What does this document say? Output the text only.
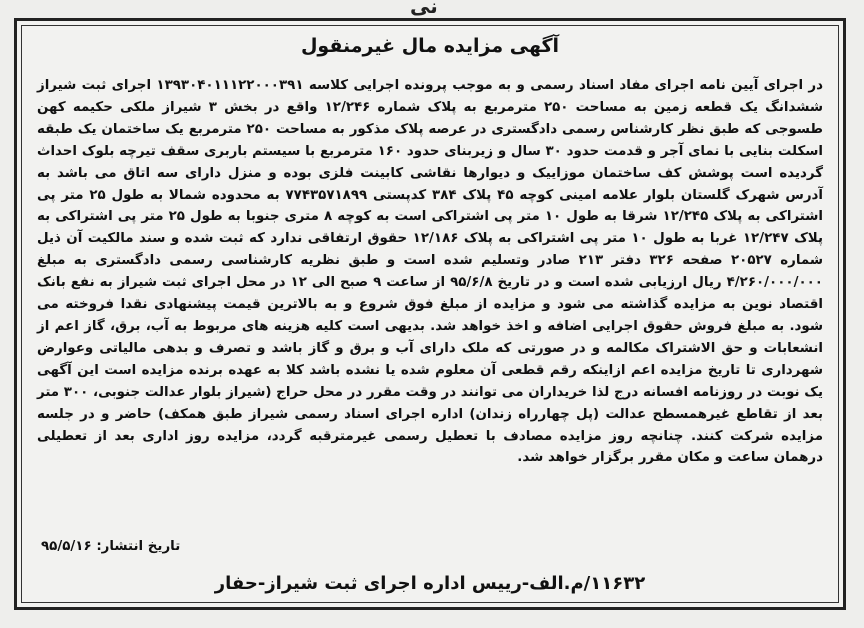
نی
آگهی مزایده مال غیرمنقول
در اجرای آیین نامه اجرای مفاد اسناد رسمی و به موجب پرونده اجرایی کلاسه ۱۳۹۳۰۴۰۱۱۱۲۲۰۰۰۳۹۱ اجرای ثبت شیراز ششدانگ یک قطعه زمین به مساحت ۲۵۰ مترمربع به پلاک شماره ۱۲/۲۴۶ واقع در بخش ۳ شیراز ملکی حکیمه کهن طسوجی که طبق نظر کارشناس رسمی دادگستری در عرصه پلاک مذکور به مساحت ۲۵۰ مترمربع یک ساختمان یک طبقه اسکلت بنایی با نمای آجر و قدمت حدود ۳۰ سال و زیربنای حدود ۱۶۰ مترمربع با سیستم باربری سقف تیرچه بلوک احداث گردیده است پوشش کف ساختمان موزاییک و دیوارها نقاشی کابینت فلزی بوده و منزل دارای سه اتاق می باشد به آدرس شهرک گلستان بلوار علامه امینی کوچه ۴۵ پلاک ۳۸۴ کدپستی ۷۷۴۳۵۷۱۸۹۹ به محدوده شمالا به طول ۲۵ متر پی اشتراکی به پلاک ۱۲/۲۴۵ شرقا به طول ۱۰ متر پی اشتراکی است به کوچه ۸ متری جنوبا به طول ۲۵ متر پی اشتراکی به پلاک ۱۲/۲۴۷ غربا به طول ۱۰ متر پی اشتراکی به پلاک ۱۲/۱۸۶ حقوق ارتفاقی ندارد که ثبت شده و سند مالکیت آن ذیل شماره ۲۰۵۲۷ صفحه ۳۲۶ دفتر ۲۱۳ صادر وتسلیم شده است و طبق نظریه کارشناسی رسمی دادگستری به مبلغ ۴/۲۶۰/۰۰۰/۰۰۰ ریال ارزیابی شده است و در تاریخ ۹۵/۶/۸ از ساعت ۹ صبح الی ۱۲ در محل اجرای ثبت شیراز به نفع بانک اقتصاد نوین به مزایده گذاشته می شود و مزایده از مبلغ فوق شروع و به بالاترین قیمت پیشنهادی نقدا فروخته می شود. به مبلغ فروش حقوق اجرایی اضافه و اخذ خواهد شد. بدیهی است کلیه هزینه های مربوط به آب، برق، گاز اعم از انشعابات و حق الاشتراک مکالمه و در صورتی که ملک دارای آب و برق و گاز باشد و تصرف و بدهی مالیاتی وعوارض شهرداری تا تاریخ مزایده اعم ازاینکه رقم قطعی آن معلوم شده یا نشده باشد کلا به عهده برنده مزایده است این آگهی یک نوبت در روزنامه افسانه درج لذا خریداران می توانند در وقت مقرر در محل حراج (شیراز بلوار عدالت جنوبی، ۳۰۰ متر بعد از تقاطع غیرهمسطح عدالت (پل چهارراه زندان) اداره اجرای اسناد رسمی شیراز طبق همکف) حاضر و در جلسه مزایده شرکت کنند. چنانچه روز مزایده مصادف با تعطیل رسمی غیرمترقبه گردد، مزایده روز اداری بعد از تعطیلی درهمان ساعت و مکان مقرر برگزار خواهد شد.
تاریخ انتشار: ۹۵/۵/۱۶
۱۱۶۳۲/م.الف-رییس اداره اجرای ثبت شیراز-حفار
